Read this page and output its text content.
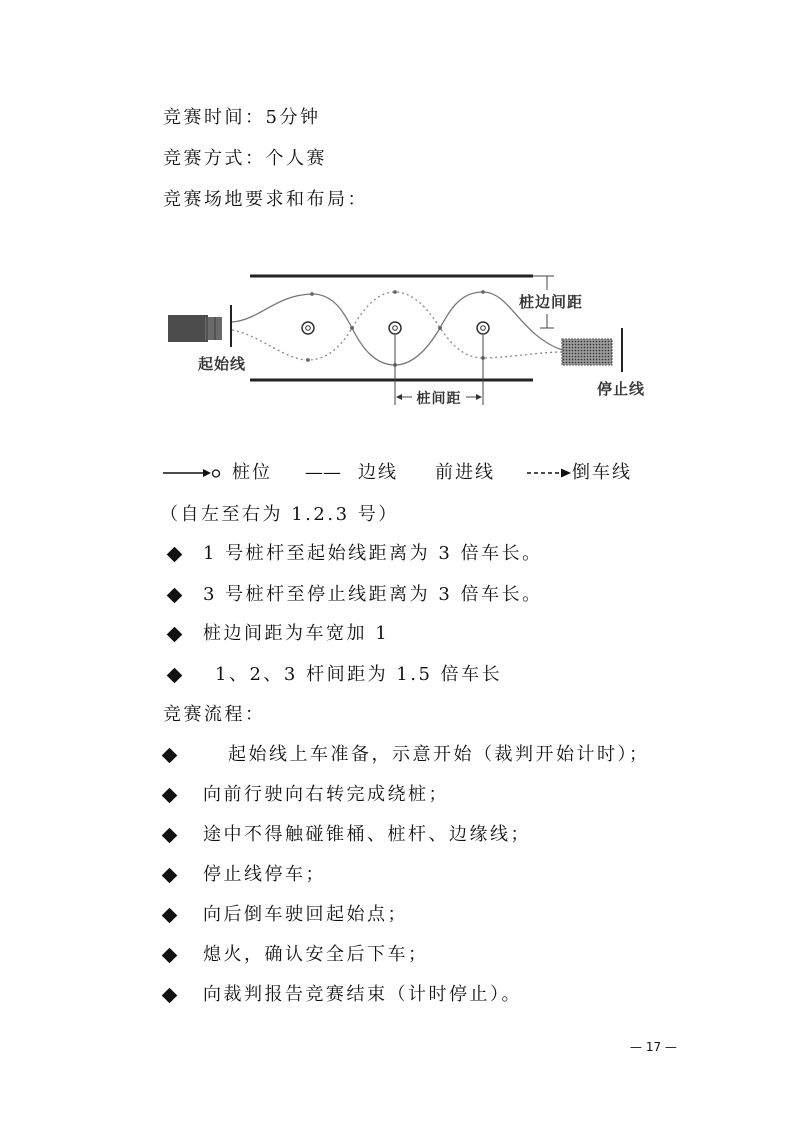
竞赛时间：5分钟
竞赛方式：个人赛
竞赛场地要求和布局：
起始线
停止线
桩边间距
桩间距
桩位 —— 边线 前进线	倒车线
（自左至右为 1.2.3 号）
1 号桩杆至起始线距离为 3 倍车长。
3 号桩杆至停止线距离为 3 倍车长。
桩边间距为车宽加 1
1、2、3 杆间距为 1.5 倍车长
竞赛流程：
起始线上车准备，示意开始（裁判开始计时）；
向前行驶向右转完成绕桩；
途中不得触碰锥桶、桩杆、边缘线；
停止线停车；
向后倒车驶回起始点；
熄火，确认安全后下车；
向裁判报告竞赛结束（计时停止）。
— 17 —
